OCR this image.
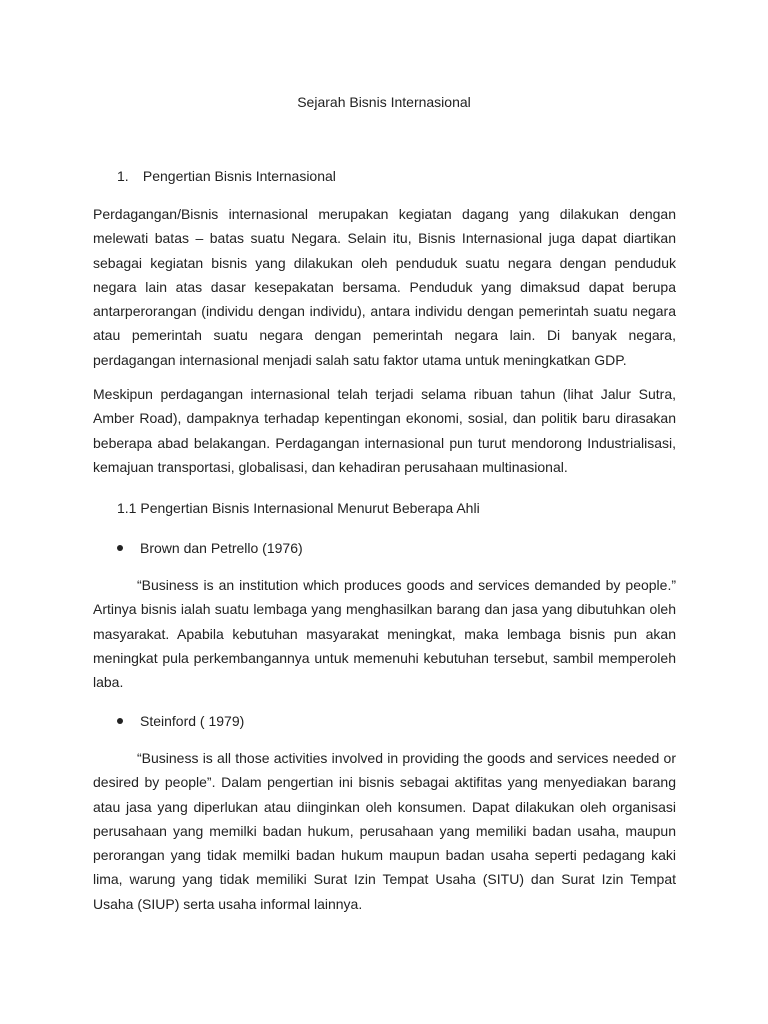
Sejarah Bisnis Internasional
1. Pengertian Bisnis Internasional

Perdagangan/Bisnis internasional merupakan kegiatan dagang yang dilakukan dengan melewati batas – batas suatu Negara. Selain itu, Bisnis Internasional juga dapat diartikan sebagai kegiatan bisnis yang dilakukan oleh penduduk suatu negara dengan penduduk negara lain atas dasar kesepakatan bersama. Penduduk yang dimaksud dapat berupa antarperorangan (individu dengan individu), antara individu dengan pemerintah suatu negara atau pemerintah suatu negara dengan pemerintah negara lain. Di banyak negara, perdagangan internasional menjadi salah satu faktor utama untuk meningkatkan GDP.

Meskipun perdagangan internasional telah terjadi selama ribuan tahun (lihat Jalur Sutra, Amber Road), dampaknya terhadap kepentingan ekonomi, sosial, dan politik baru dirasakan beberapa abad belakangan. Perdagangan internasional pun turut mendorong Industrialisasi, kemajuan transportasi, globalisasi, dan kehadiran perusahaan multinasional.

1.1 Pengertian Bisnis Internasional Menurut Beberapa Ahli
Brown dan Petrello (1976)

“Business is an institution which produces goods and services demanded by people.” Artinya bisnis ialah suatu lembaga yang menghasilkan barang dan jasa yang dibutuhkan oleh masyarakat. Apabila kebutuhan masyarakat meningkat, maka lembaga bisnis pun akan meningkat pula perkembangannya untuk memenuhi kebutuhan tersebut, sambil memperoleh laba.

Steinford ( 1979)

“Business is all those activities involved in providing the goods and services needed or desired by people”. Dalam pengertian ini bisnis sebagai aktifitas yang menyediakan barang atau jasa yang diperlukan atau diinginkan oleh konsumen. Dapat dilakukan oleh organisasi perusahaan yang memilki badan hukum, perusahaan yang memiliki badan usaha, maupun perorangan yang tidak memilki badan hukum maupun badan usaha seperti pedagang kaki lima, warung yang tidak memiliki Surat Izin Tempat Usaha (SITU) dan Surat Izin Tempat Usaha (SIUP) serta usaha informal lainnya.
